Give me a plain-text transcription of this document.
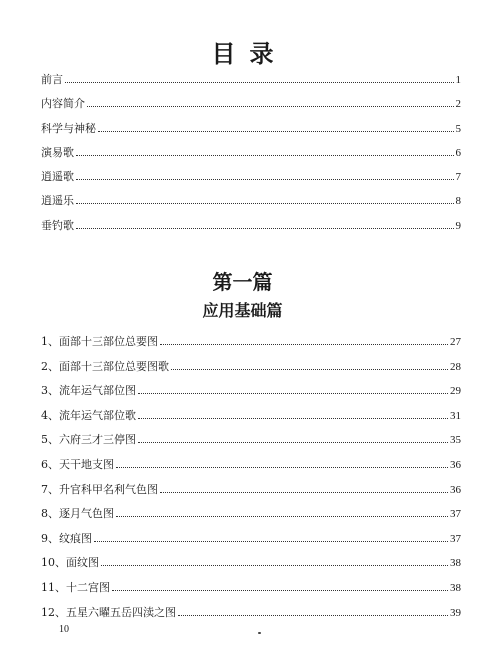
目录
前言	1
内容简介	2
科学与神秘	5
演易歌	6
逍遥歌	7
逍遥乐	8
垂钓歌	9
第一篇
应用基础篇
1、面部十三部位总要图	27
2、面部十三部位总要图歌	28
3、流年运气部位图	29
4、流年运气部位歌	31
5、六府三才三停图	35
6、天干地支图	36
7、升官科甲名利气色图	36
8、逐月气色图	37
9、纹痕图	37
10、面纹图	38
11、十二宫图	38
12、五星六曜五岳四渎之图	39
10
